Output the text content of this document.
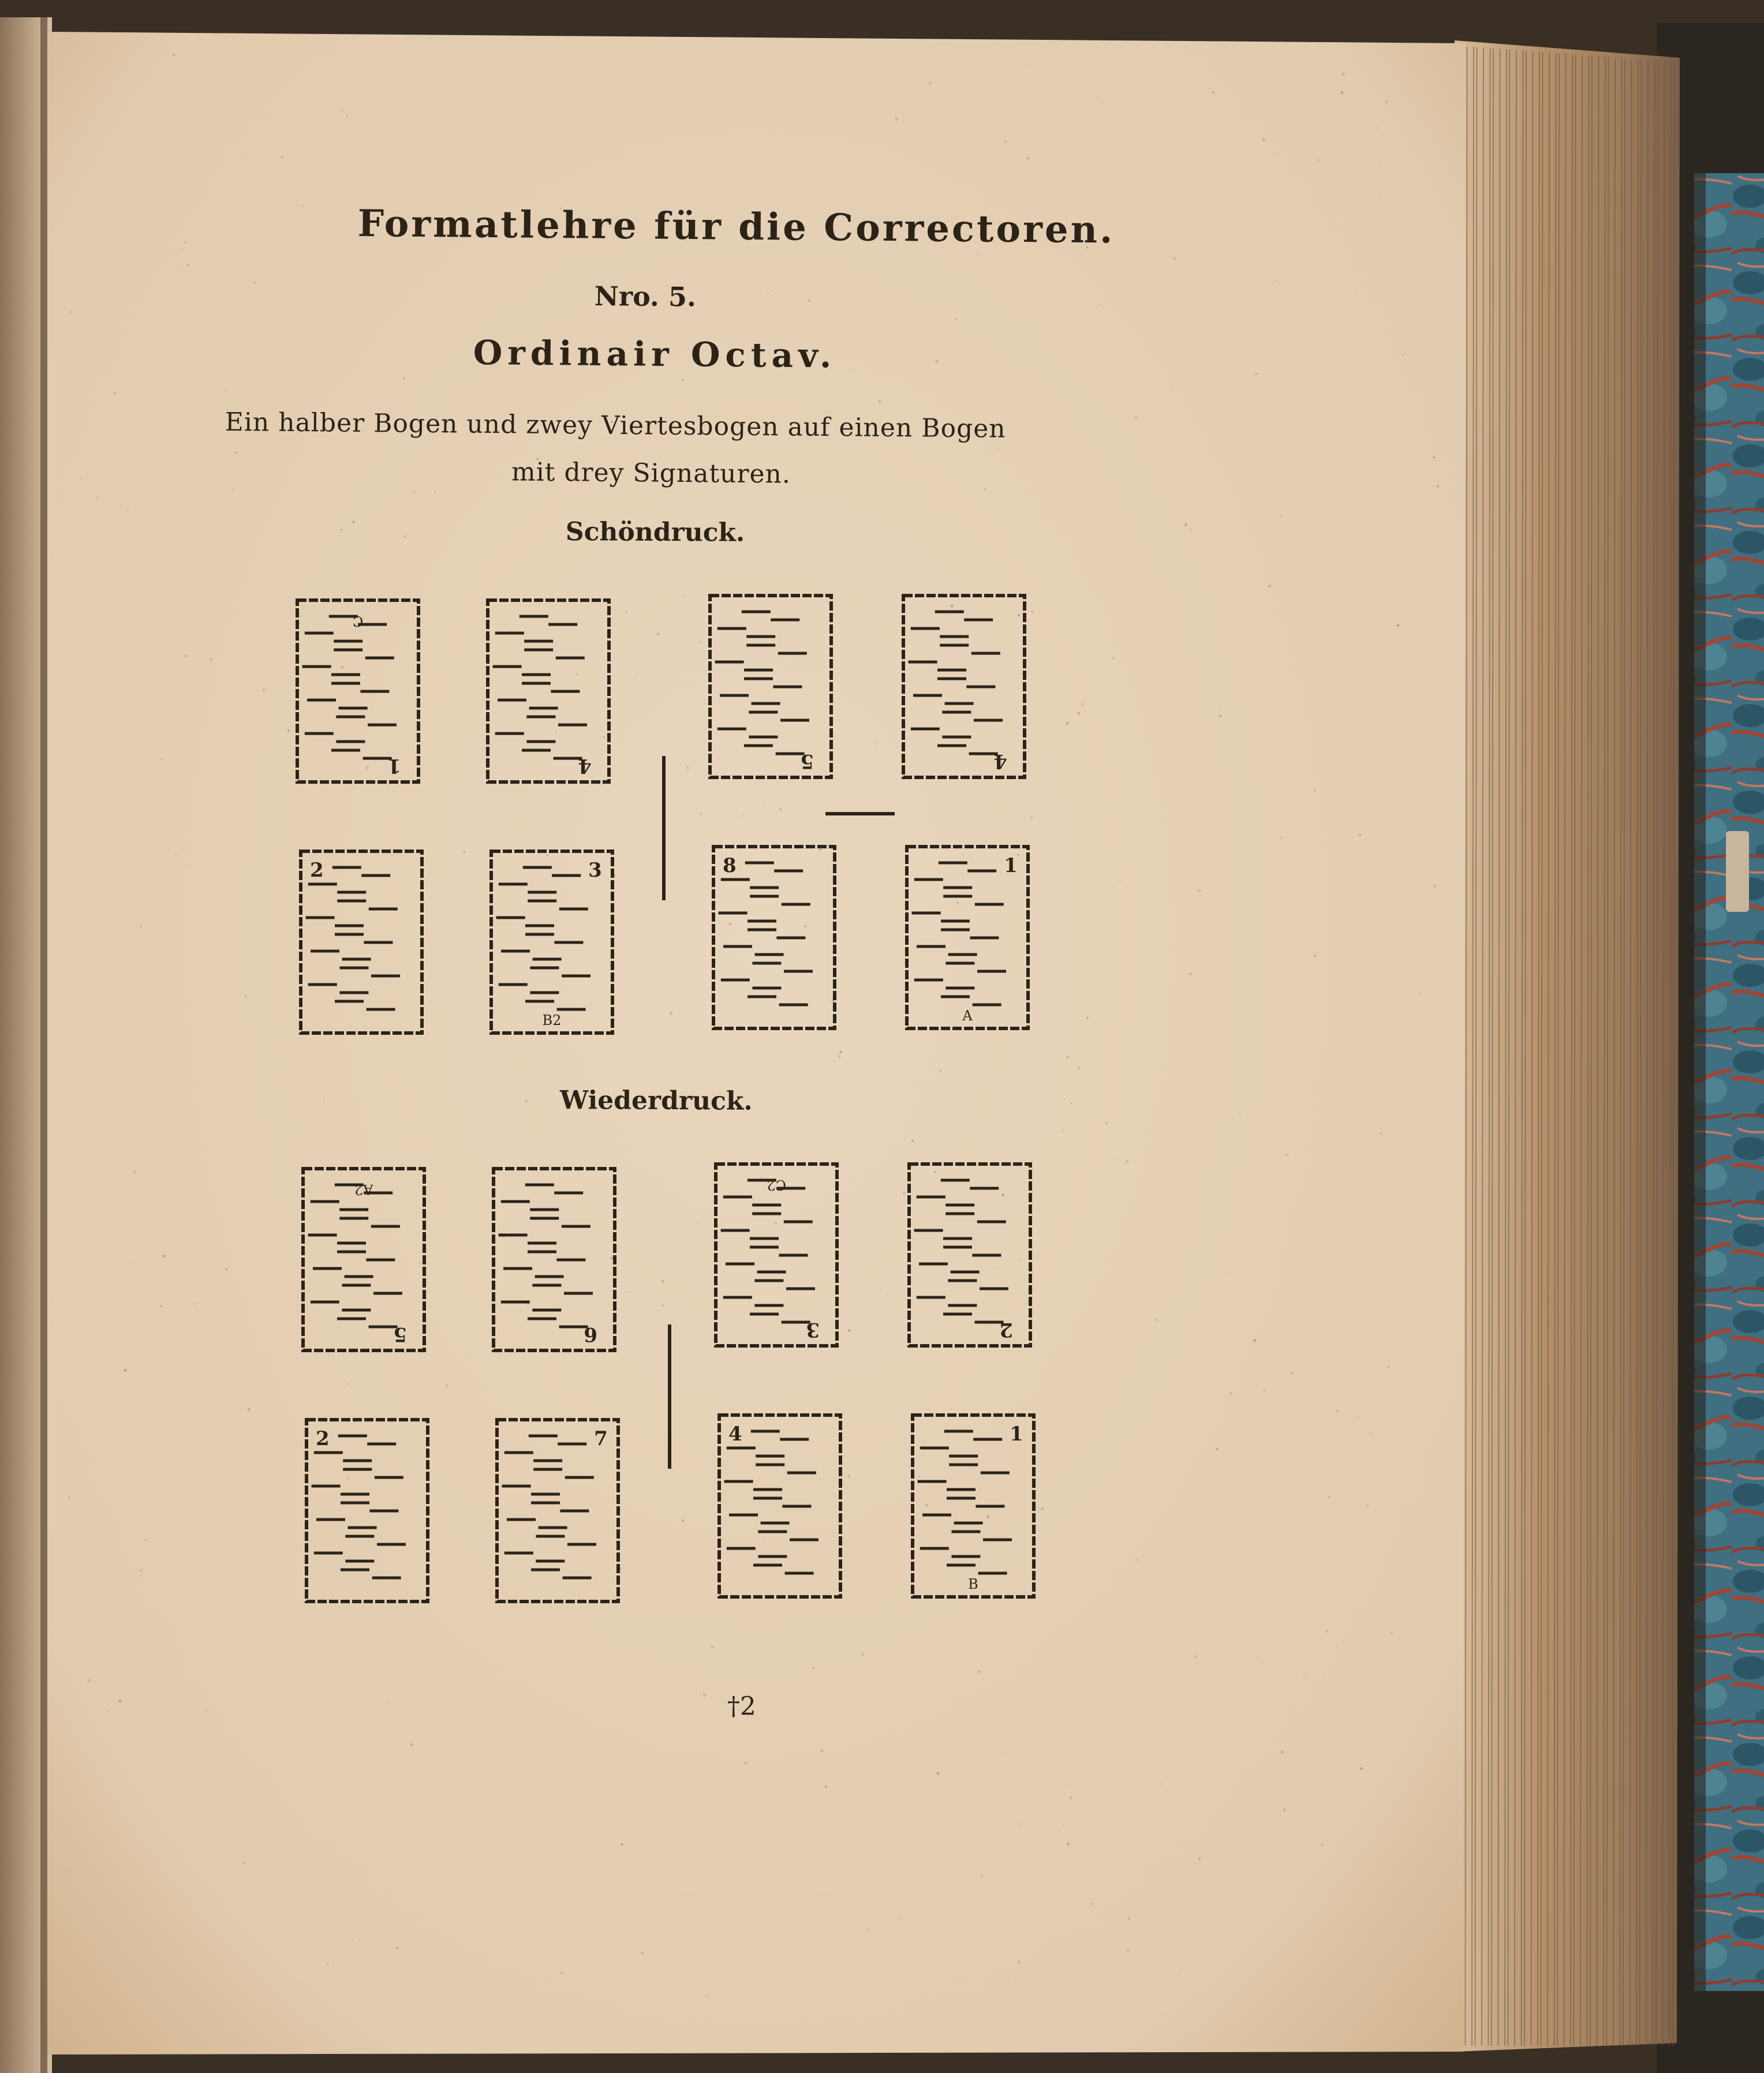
1
C
4	5	4
2	3
B2
8	1
A
5
A2
6	3
C2
2
2	7	4	1
B
Formatlehre für die Correctoren.
Nro. 5.
Ordinair Octav.
Ein halber Bogen und zwey Viertesbogen auf einen Bogen
mit drey Signaturen.
Schöndruck.
Wiederdruck.
†2
